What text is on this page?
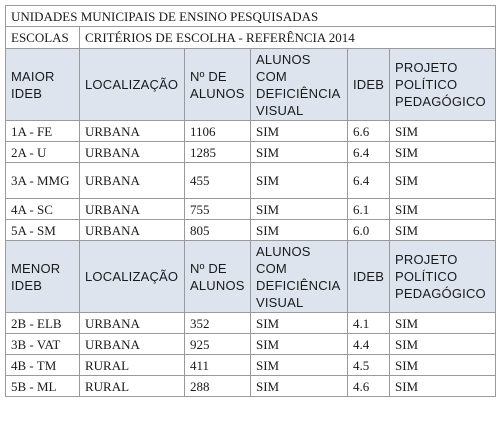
UNIDADES MUNICIPAIS DE ENSINO PESQUISADAS					
ESCOLAS	CRITÉRIOS DE ESCOLHA - REFERÊNCIA 2014				
MAIOR IDEB	LOCALIZAÇÃO	Nº DE ALUNOS	ALUNOS COM DEFICIÊNCIA VISUAL	IDEB	PROJETO POLÍTICO PEDAGÓGICO
1A - FE	URBANA	1106	SIM	6.6	SIM
2A - U	URBANA	1285	SIM	6.4	SIM
3A - MMG	URBANA	455	SIM	6.4	SIM
4A - SC	URBANA	755	SIM	6.1	SIM
5A - SM	URBANA	805	SIM	6.0	SIM
MENOR IDEB	LOCALIZAÇÃO	Nº DE ALUNOS	ALUNOS COM DEFICIÊNCIA VISUAL	IDEB	PROJETO POLÍTICO PEDAGÓGICO
2B - ELB	URBANA	352	SIM	4.1	SIM
3B - VAT	URBANA	925	SIM	4.4	SIM
4B - TM	RURAL	411	SIM	4.5	SIM
5B - ML	RURAL	288	SIM	4.6	SIM
